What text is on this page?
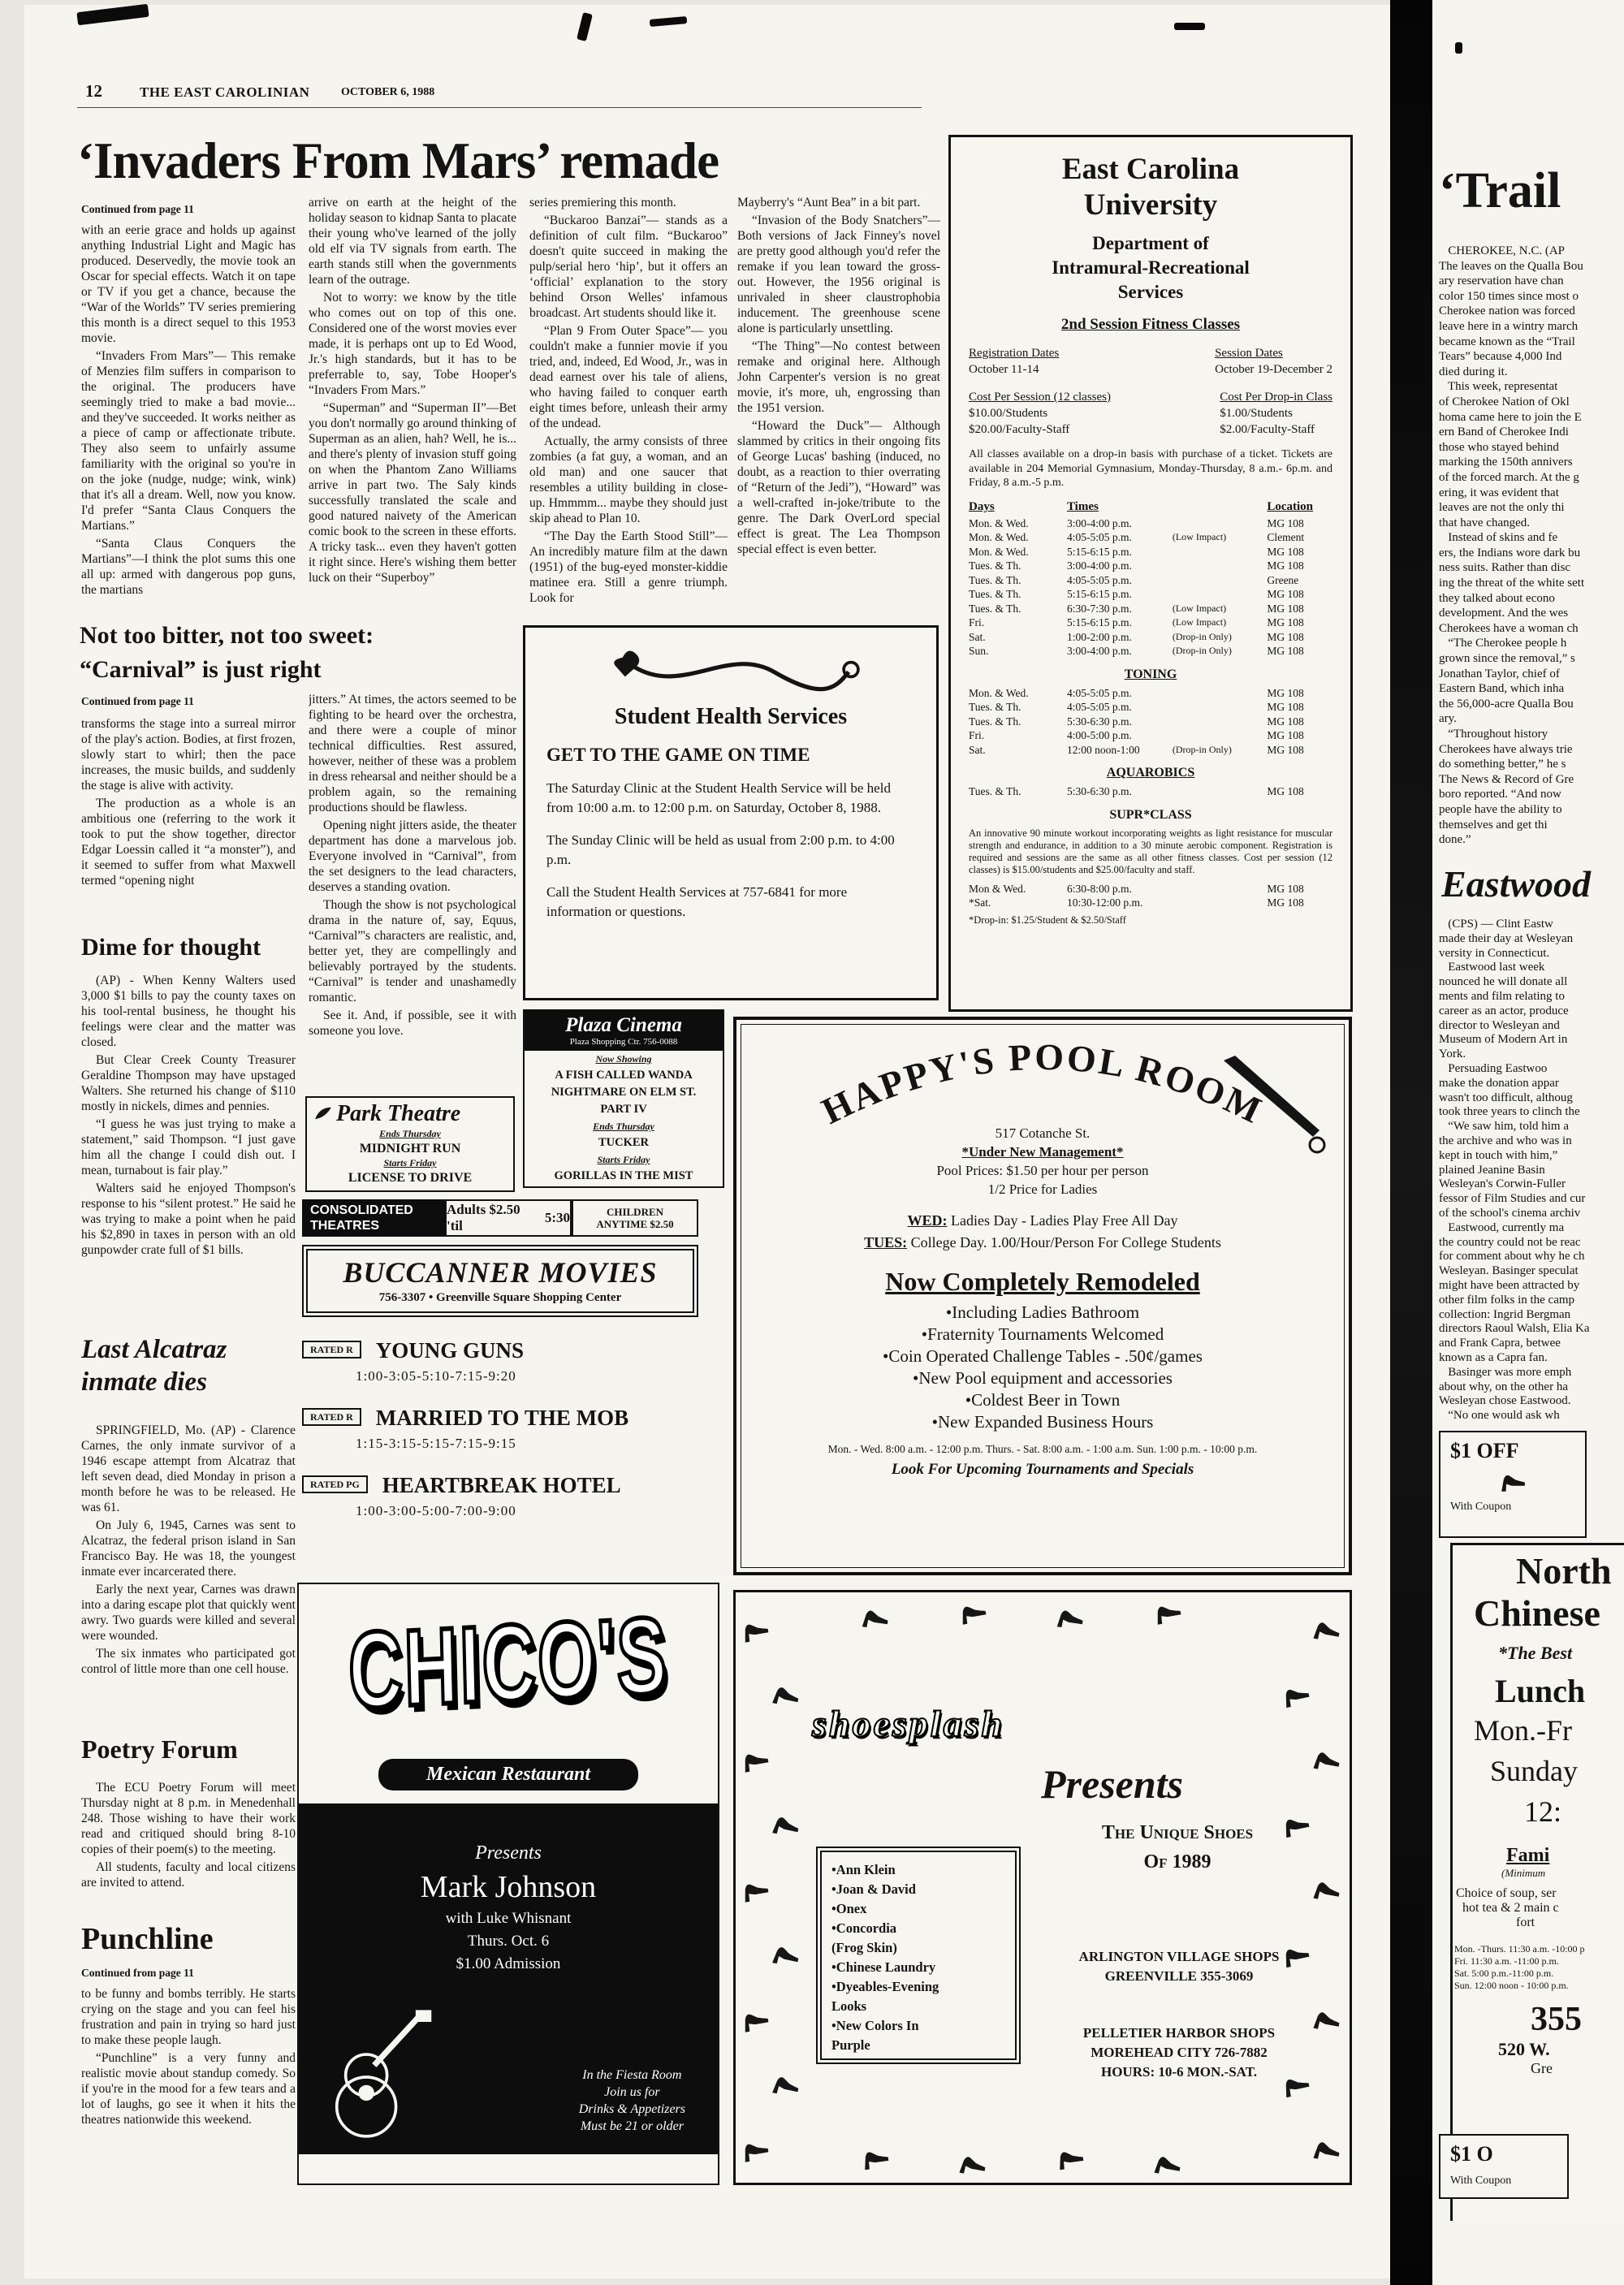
12	THE EAST CAROLINIAN	OCTOBER 6, 1988
‘Invaders From Mars’ remade
Continued from page 11

with an eerie grace and holds up against anything Industrial Light and Magic has produced. Deservedly, the movie took an Oscar for special effects. Watch it on tape or TV if you get a chance, because the “War of the Worlds” TV series premiering this month is a direct sequel to this 1953 movie.

“Invaders From Mars”— This remake of Menzies film suffers in comparison to the original. The producers have seemingly tried to make a bad movie... and they've succeeded. It works neither as a piece of camp or affectionate tribute. They also seem to unfairly assume familiarity with the original so you're in on the joke (nudge, nudge; wink, wink) that it's all a dream. Well, now you know. I'd prefer “Santa Claus Conquers the Martians.”

“Santa Claus Conquers the Martians”—I think the plot sums this one all up: armed with dangerous pop guns, the martians

arrive on earth at the height of the holiday season to kidnap Santa to placate their young who've learned of the jolly old elf via TV signals from earth. The earth stands still when the governments learn of the outrage.

Not to worry: we know by the title who comes out on top of this one. Considered one of the worst movies ever made, it is perhaps ont up to Ed Wood, Jr.'s high standards, but it has to be preferrable to, say, Tobe Hooper's “Invaders From Mars.”

“Superman” and “Superman II”—Bet you don't normally go around thinking of Superman as an alien, hah? Well, he is... and there's plenty of invasion stuff going on when the Phantom Zano Williams arrive in part two. The Saly kinds successfully translated the scale and good natured naivety of the American comic book to the screen in these efforts. A tricky task... even they haven't gotten it right since. Here's wishing them better luck on their “Superboy”

series premiering this month.

“Buckaroo Banzai”— stands as a definition of cult film. “Buckaroo” doesn't quite succeed in making the pulp/serial hero ‘hip’, but it offers an ‘official’ explanation to the story behind Orson Welles' infamous broadcast. Art students should like it.

“Plan 9 From Outer Space”— you couldn't make a funnier movie if you tried, and, indeed, Ed Wood, Jr., was in dead earnest over his tale of aliens, who having failed to conquer earth eight times before, unleash their army of the undead.

Actually, the army consists of three zombies (a fat guy, a woman, and an old man) and one saucer that resembles a utility building in close-up. Hmmmm... maybe they should just skip ahead to Plan 10.

“The Day the Earth Stood Still”— An incredibly mature film at the dawn (1951) of the bug-eyed monster-kiddie matinee era. Still a genre triumph. Look for

Mayberry's “Aunt Bea” in a bit part.

“Invasion of the Body Snatchers”— Both versions of Jack Finney's novel are pretty good although you'd refer the remake if you lean toward the gross-out. However, the 1956 original is unrivaled in sheer claustrophobia inducement. The greenhouse scene alone is particularly unsettling.

“The Thing”—No contest between remake and original here. Although John Carpenter's version is no great movie, it's more, uh, engrossing than the 1951 version.

“Howard the Duck”— Although slammed by critics in their ongoing fits of George Lucas' bashing (induced, no doubt, as a reaction to thier overrating of “Return of the Jedi”), “Howard” was a well-crafted in-joke/tribute to the genre. The Dark OverLord special effect is great. The Lea Thompson special effect is even better.

East Carolina
University
Department of
Intramural-Recreational
Services
2nd Session Fitness Classes
Registration Dates
October 11-14
Session Dates
October 19-December 2
Cost Per Session (12 classes)
$10.00/Students
$20.00/Faculty-Staff
Cost Per Drop-in Class
$1.00/Students
$2.00/Faculty-Staff

All classes available on a drop-in basis with purchase of a ticket. Tickets are available in 204 Memorial Gymnasium, Monday-Thursday, 8 a.m.- 6p.m. and Friday, 8 a.m.-5 p.m.

Days	Times	Location
Mon. & Wed.	3:00-4:00 p.m.		MG 108
Mon. & Wed.	4:05-5:05 p.m.	(Low Impact)	Clement
Mon. & Wed.	5:15-6:15 p.m.		MG 108
Tues. & Th.	3:00-4:00 p.m.		MG 108
Tues. & Th.	4:05-5:05 p.m.		Greene
Tues. & Th.	5:15-6:15 p.m.		MG 108
Tues. & Th.	6:30-7:30 p.m.	(Low Impact)	MG 108
Fri.	5:15-6:15 p.m.	(Low Impact)	MG 108
Sat.	1:00-2:00 p.m.	(Drop-in Only)	MG 108
Sun.	3:00-4:00 p.m.	(Drop-in Only)	MG 108
TONING
Mon. & Wed.	4:05-5:05 p.m.		MG 108
Tues. & Th.	4:05-5:05 p.m.		MG 108
Tues. & Th.	5:30-6:30 p.m.		MG 108
Fri.	4:00-5:00 p.m.		MG 108
Sat.	12:00 noon-1:00	(Drop-in Only)	MG 108
AQUAROBICS
Tues. & Th.	5:30-6:30 p.m.		MG 108
SUPR*CLASS

An innovative 90 minute workout incorporating weights as light resistance for muscular strength and endurance, in addition to a 30 minute aerobic component. Registration is required and sessions are the same as all other fitness classes. Cost per session (12 classes) is $15.00/students and $25.00/faculty and staff.

Mon & Wed.	6:30-8:00 p.m.		MG 108
*Sat.	10:30-12:00 p.m.		MG 108
*Drop-in: $1.25/Student & $2.50/Staff
Not too bitter, not too sweet:
“Carnival” is just right
Continued from page 11

transforms the stage into a surreal mirror of the play's action. Bodies, at first frozen, slowly start to whirl; then the pace increases, the music builds, and suddenly the stage is alive with activity.

The production as a whole is an ambitious one (referring to the work it took to put the show together, director Edgar Loessin called it “a monster”), and it seemed to suffer from what Maxwell termed “opening night

jitters.” At times, the actors seemed to be fighting to be heard over the orchestra, and there were a couple of minor technical difficulties. Rest assured, however, neither of these was a problem in dress rehearsal and neither should be a problem again, so the remaining productions should be flawless.

Opening night jitters aside, the theater department has done a marvelous job. Everyone involved in “Carnival”, from the set designers to the lead characters, deserves a standing ovation.

Though the show is not psychological drama in the nature of, say, Equus, “Carnival”'s characters are realistic, and, better yet, they are compellingly and believably portrayed by the students. “Carnival” is tender and unashamedly romantic.

See it. And, if possible, see it with someone you love.

Student Health Services
GET TO THE GAME ON TIME

The Saturday Clinic at the Student Health Service will be held from 10:00 a.m. to 12:00 p.m. on Saturday, October 8, 1988.

The Sunday Clinic will be held as usual from 2:00 p.m. to 4:00 p.m.

Call the Student Health Services at 757-6841 for more information or questions.

Dime for thought

(AP) - When Kenny Walters used 3,000 $1 bills to pay the county taxes on his tool-rental business, he thought his feelings were clear and the matter was closed.

But Clear Creek County Treasurer Geraldine Thompson may have upstaged Walters. She returned his change of $110 mostly in nickels, dimes and pennies.

“I guess he was just trying to make a statement,” said Thompson. “I just gave him all the change I could dish out. I mean, turnabout is fair play.”

Walters said he enjoyed Thompson's response to his “silent protest.” He said he was trying to make a point when he paid his $2,890 in taxes in person with an old gunpowder crate full of $1 bills.

Last Alcatraz
inmate dies

SPRINGFIELD, Mo. (AP) - Clarence Carnes, the only inmate survivor of a 1946 escape attempt from Alcatraz that left seven dead, died Monday in prison a month before he was to be released. He was 61.

On July 6, 1945, Carnes was sent to Alcatraz, the federal prison island in San Francisco Bay. He was 18, the youngest inmate ever incarcerated there.

Early the next year, Carnes was drawn into a daring escape plot that quickly went awry. Two guards were killed and several were wounded.

The six inmates who participated got control of little more than one cell house.

Poetry Forum

The ECU Poetry Forum will meet Thursday night at 8 p.m. in Menedenhall 248. Those wishing to have their work read and critiqued should bring 8-10 copies of their poem(s) to the meeting.

All students, faculty and local citizens are invited to attend.

Punchline
Continued from page 11

to be funny and bombs terribly. He starts crying on the stage and you can feel his frustration and pain in trying so hard just to make these people laugh.

“Punchline” is a very funny and realistic movie about standup comedy. So if you're in the mood for a few tears and a lot of laughs, go see it when it hits the theatres nationwide this weekend.

Plaza Cinema
Plaza Shopping Ctr. 756-0088
Now Showing
A FISH CALLED WANDA
NIGHTMARE ON ELM ST.
PART IV
Ends Thursday
TUCKER
Starts Friday
GORILLAS IN THE MIST
Park Theatre
Ends Thursday
MIDNIGHT RUN
Starts Friday
LICENSE TO DRIVE
CONSOLIDATED
THEATRES
Adults $2.50 'til
5:30	CHILDREN
ANYTIME $2.50
BUCCANNER MOVIES
756-3307 • Greenville Square Shopping Center
$^{RATED R}$ YOUNG GUNS
1:00-3:05-5:10-7:15-9:20
$^{RATED R}$ MARRIED TO THE MOB
1:15-3:15-5:15-7:15-9:15
$^{RATED PG}$ HEARTBREAK HOTEL
1:00-3:00-5:00-7:00-9:00
HAPPY'S POOL ROOM
517 Cotanche St.
*Under New Management*
Pool Prices: $1.50 per hour per person
1/2 Price for Ladies
WED: Ladies Day - Ladies Play Free All Day
TUES: College Day. 1.00/Hour/Person For College Students
Now Completely Remodeled
•Including Ladies Bathroom
•Fraternity Tournaments Welcomed
•Coin Operated Challenge Tables - .50¢/games
•New Pool equipment and accessories
•Coldest Beer in Town
•New Expanded Business Hours
Mon. - Wed. 8:00 a.m. - 12:00 p.m. Thurs. - Sat. 8:00 a.m. - 1:00 a.m. Sun. 1:00 p.m. - 10:00 p.m.
Look For Upcoming Tournaments and Specials
CHICO'S
Mexican Restaurant
Presents
Mark Johnson
with Luke Whisnant
Thurs. Oct. 6
$1.00 Admission
In the Fiesta Room
Join us for
Drinks & Appetizers
Must be 21 or older
shoesplash
Presents
The Unique Shoes
Of 1989
•Ann Klein
•Joan & David
•Onex
•Concordia
(Frog Skin)
•Chinese Laundry
•Dyeables-Evening
Looks
•New Colors In
Purple
ARLINGTON VILLAGE SHOPS
GREENVILLE 355-3069
PELLETIER HARBOR SHOPS
MOREHEAD CITY 726-7882
HOURS: 10-6 MON.-SAT.
‘Trail
CHEROKEE, N.C. (AP
The leaves on the Qualla Bou
ary reservation have chan
color 150 times since most o
Cherokee nation was forced
leave here in a wintry march
became known as the “Trail
Tears” because 4,000 Ind
died during it.
This week, representat
of Cherokee Nation of Okl
homa came here to join the E
ern Band of Cherokee Indi
those who stayed behind
marking the 150th annivers
of the forced march. At the g
ering, it was evident that
leaves are not the only thi
that have changed.
Instead of skins and fe
ers, the Indians wore dark bu
ness suits. Rather than disc
ing the threat of the white sett
they talked about econo
development. And the wes
Cherokees have a woman ch
“The Cherokee people h
grown since the removal,” s
Jonathan Taylor, chief of
Eastern Band, which inha
the 56,000-acre Qualla Bou
ary.
“Throughout history
Cherokees have always trie
do something better,” he s
The News & Record of Gre
boro reported. “And now
people have the ability to
themselves and get thi
done.”
Eastwood
(CPS) — Clint Eastw
made their day at Wesleyan
versity in Connecticut.
Eastwood last week
nounced he will donate all
ments and film relating to
career as an actor, produce
director to Wesleyan and
Museum of Modern Art in
York.
Persuading Eastwoo
make the donation appar
wasn't too difficult, althoug
took three years to clinch the
“We saw him, told him a
the archive and who was in
kept in touch with him,”
plained Jeanine Basin
Wesleyan's Corwin-Fuller
fessor of Film Studies and cur
of the school's cinema archiv
Eastwood, currently ma
the country could not be reac
for comment about why he ch
Wesleyan. Basinger speculat
might have been attracted by
other film folks in the camp
collection: Ingrid Bergman
directors Raoul Walsh, Elia Ka
and Frank Capra, betwee
known as a Capra fan.
Basinger was more emph
about why, on the other ha
Wesleyan chose Eastwood.
“No one would ask wh
$1 OFF
With Coupon
North
Chinese
*The Best
Lunch
Mon.-Fr
Sunday
12:
Fami
(Minimum
Choice of soup, ser
hot tea & 2 main c
fort
Mon. -Thurs. 11:30 a.m. -10:00 p
Fri. 11:30 a.m. -11:00 p.m.
Sat. 5:00 p.m.-11:00 p.m.
Sun. 12:00 noon - 10:00 p.m.
355
520 W.
Gre
$1 O
With Coupon
